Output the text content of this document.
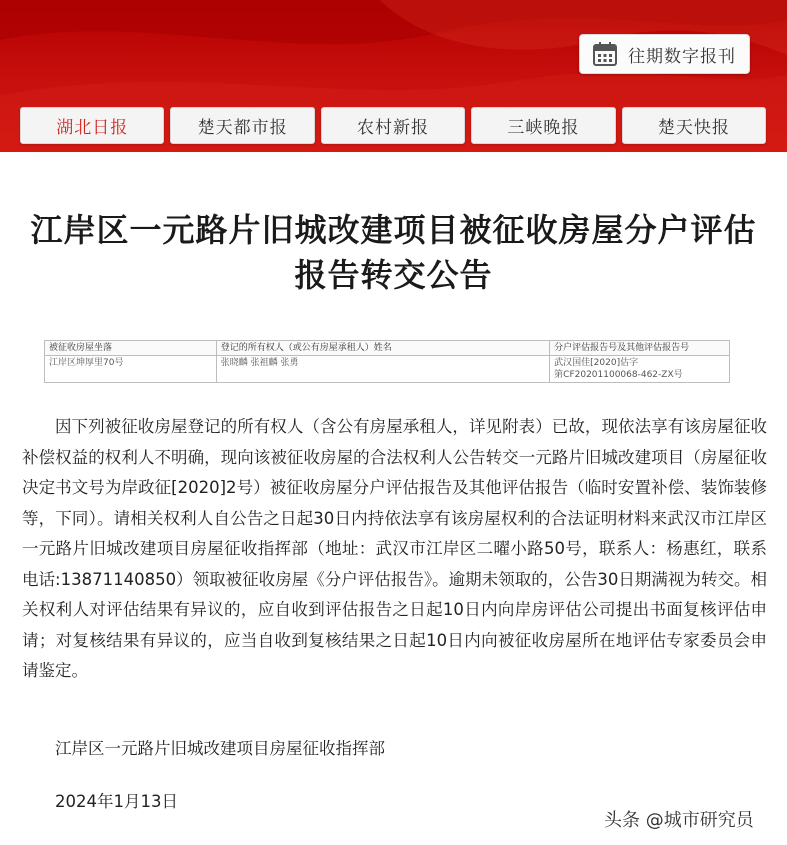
往期数字报刊
湖北日报	楚天都市报	农村新报	三峡晚报	楚天快报
江岸区一元路片旧城改建项目被征收房屋分户评估报告转交公告
被征收房屋坐落	登记的所有权人（或公有房屋承租人）姓名	分户评估报告号及其他评估报告号
江岸区坤厚里70号	张晓麟 张祖麟 张勇	武汉国佳[2020]估字
第CF20201100068-462-ZX号

因下列被征收房屋登记的所有权人（含公有房屋承租人，详见附表）已故，现依法享有该房屋征收补偿权益的权利人不明确，现向该被征收房屋的合法权利人公告转交一元路片旧城改建项目（房屋征收决定书文号为岸政征[2020]2号）被征收房屋分户评估报告及其他评估报告（临时安置补偿、装饰装修等，下同）。请相关权利人自公告之日起30日内持依法享有该房屋权利的合法证明材料来武汉市江岸区一元路片旧城改建项目房屋征收指挥部（地址：武汉市江岸区二曜小路50号，联系人：杨惠红，联系电话:13871140850）领取被征收房屋《分户评估报告》。逾期未领取的，公告30日期满视为转交。相关权利人对评估结果有异议的，应自收到评估报告之日起10日内向岸房评估公司提出书面复核评估申请；对复核结果有异议的，应当自收到复核结果之日起10日内向被征收房屋所在地评估专家委员会申请鉴定。

江岸区一元路片旧城改建项目房屋征收指挥部
2024年1月13日
头条 @城市研究员
